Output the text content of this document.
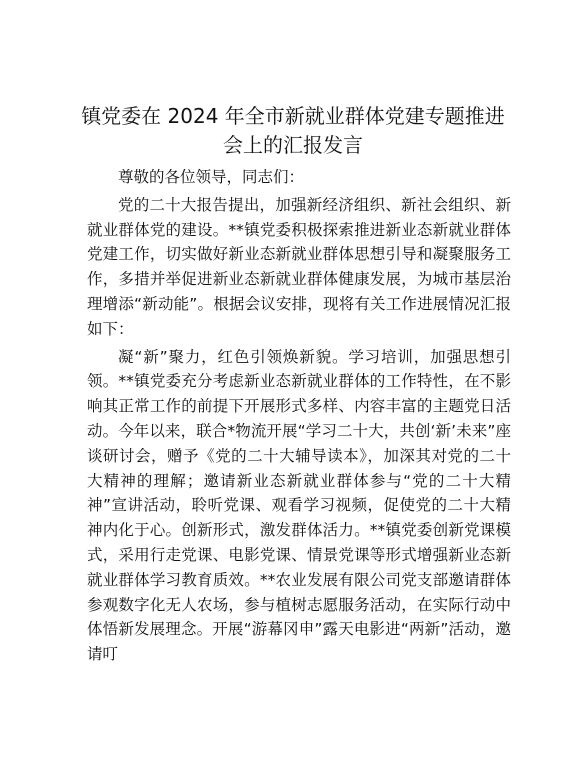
镇党委在 2024 年全市新就业群体党建专题推进
会上的汇报发言

尊敬的各位领导，同志们：

党的二十大报告提出，加强新经济组织、新社会组织、新就业群体党的建设。**镇党委积极探索推进新业态新就业群体党建工作，切实做好新业态新就业群体思想引导和凝聚服务工作，多措并举促进新业态新就业群体健康发展，为城市基层治理增添“新动能”。根据会议安排，现将有关工作进展情况汇报如下：

凝“新”聚力，红色引领焕新貌。学习培训，加强思想引领。**镇党委充分考虑新业态新就业群体的工作特性，在不影响其正常工作的前提下开展形式多样、内容丰富的主题党日活动。今年以来，联合*物流开展“学习二十大，共创‘新’未来”座谈研讨会，赠予《党的二十大辅导读本》，加深其对党的二十大精神的理解；邀请新业态新就业群体参与“党的二十大精神”宣讲活动，聆听党课、观看学习视频，促使党的二十大精神内化于心。创新形式，激发群体活力。**镇党委创新党课模式，采用行走党课、电影党课、情景党课等形式增强新业态新就业群体学习教育质效。**农业发展有限公司党支部邀请群体参观数字化无人农场，参与植树志愿服务活动，在实际行动中体悟新发展理念。开展“游幕冈申”露天电影进“两新”活动，邀请叮
